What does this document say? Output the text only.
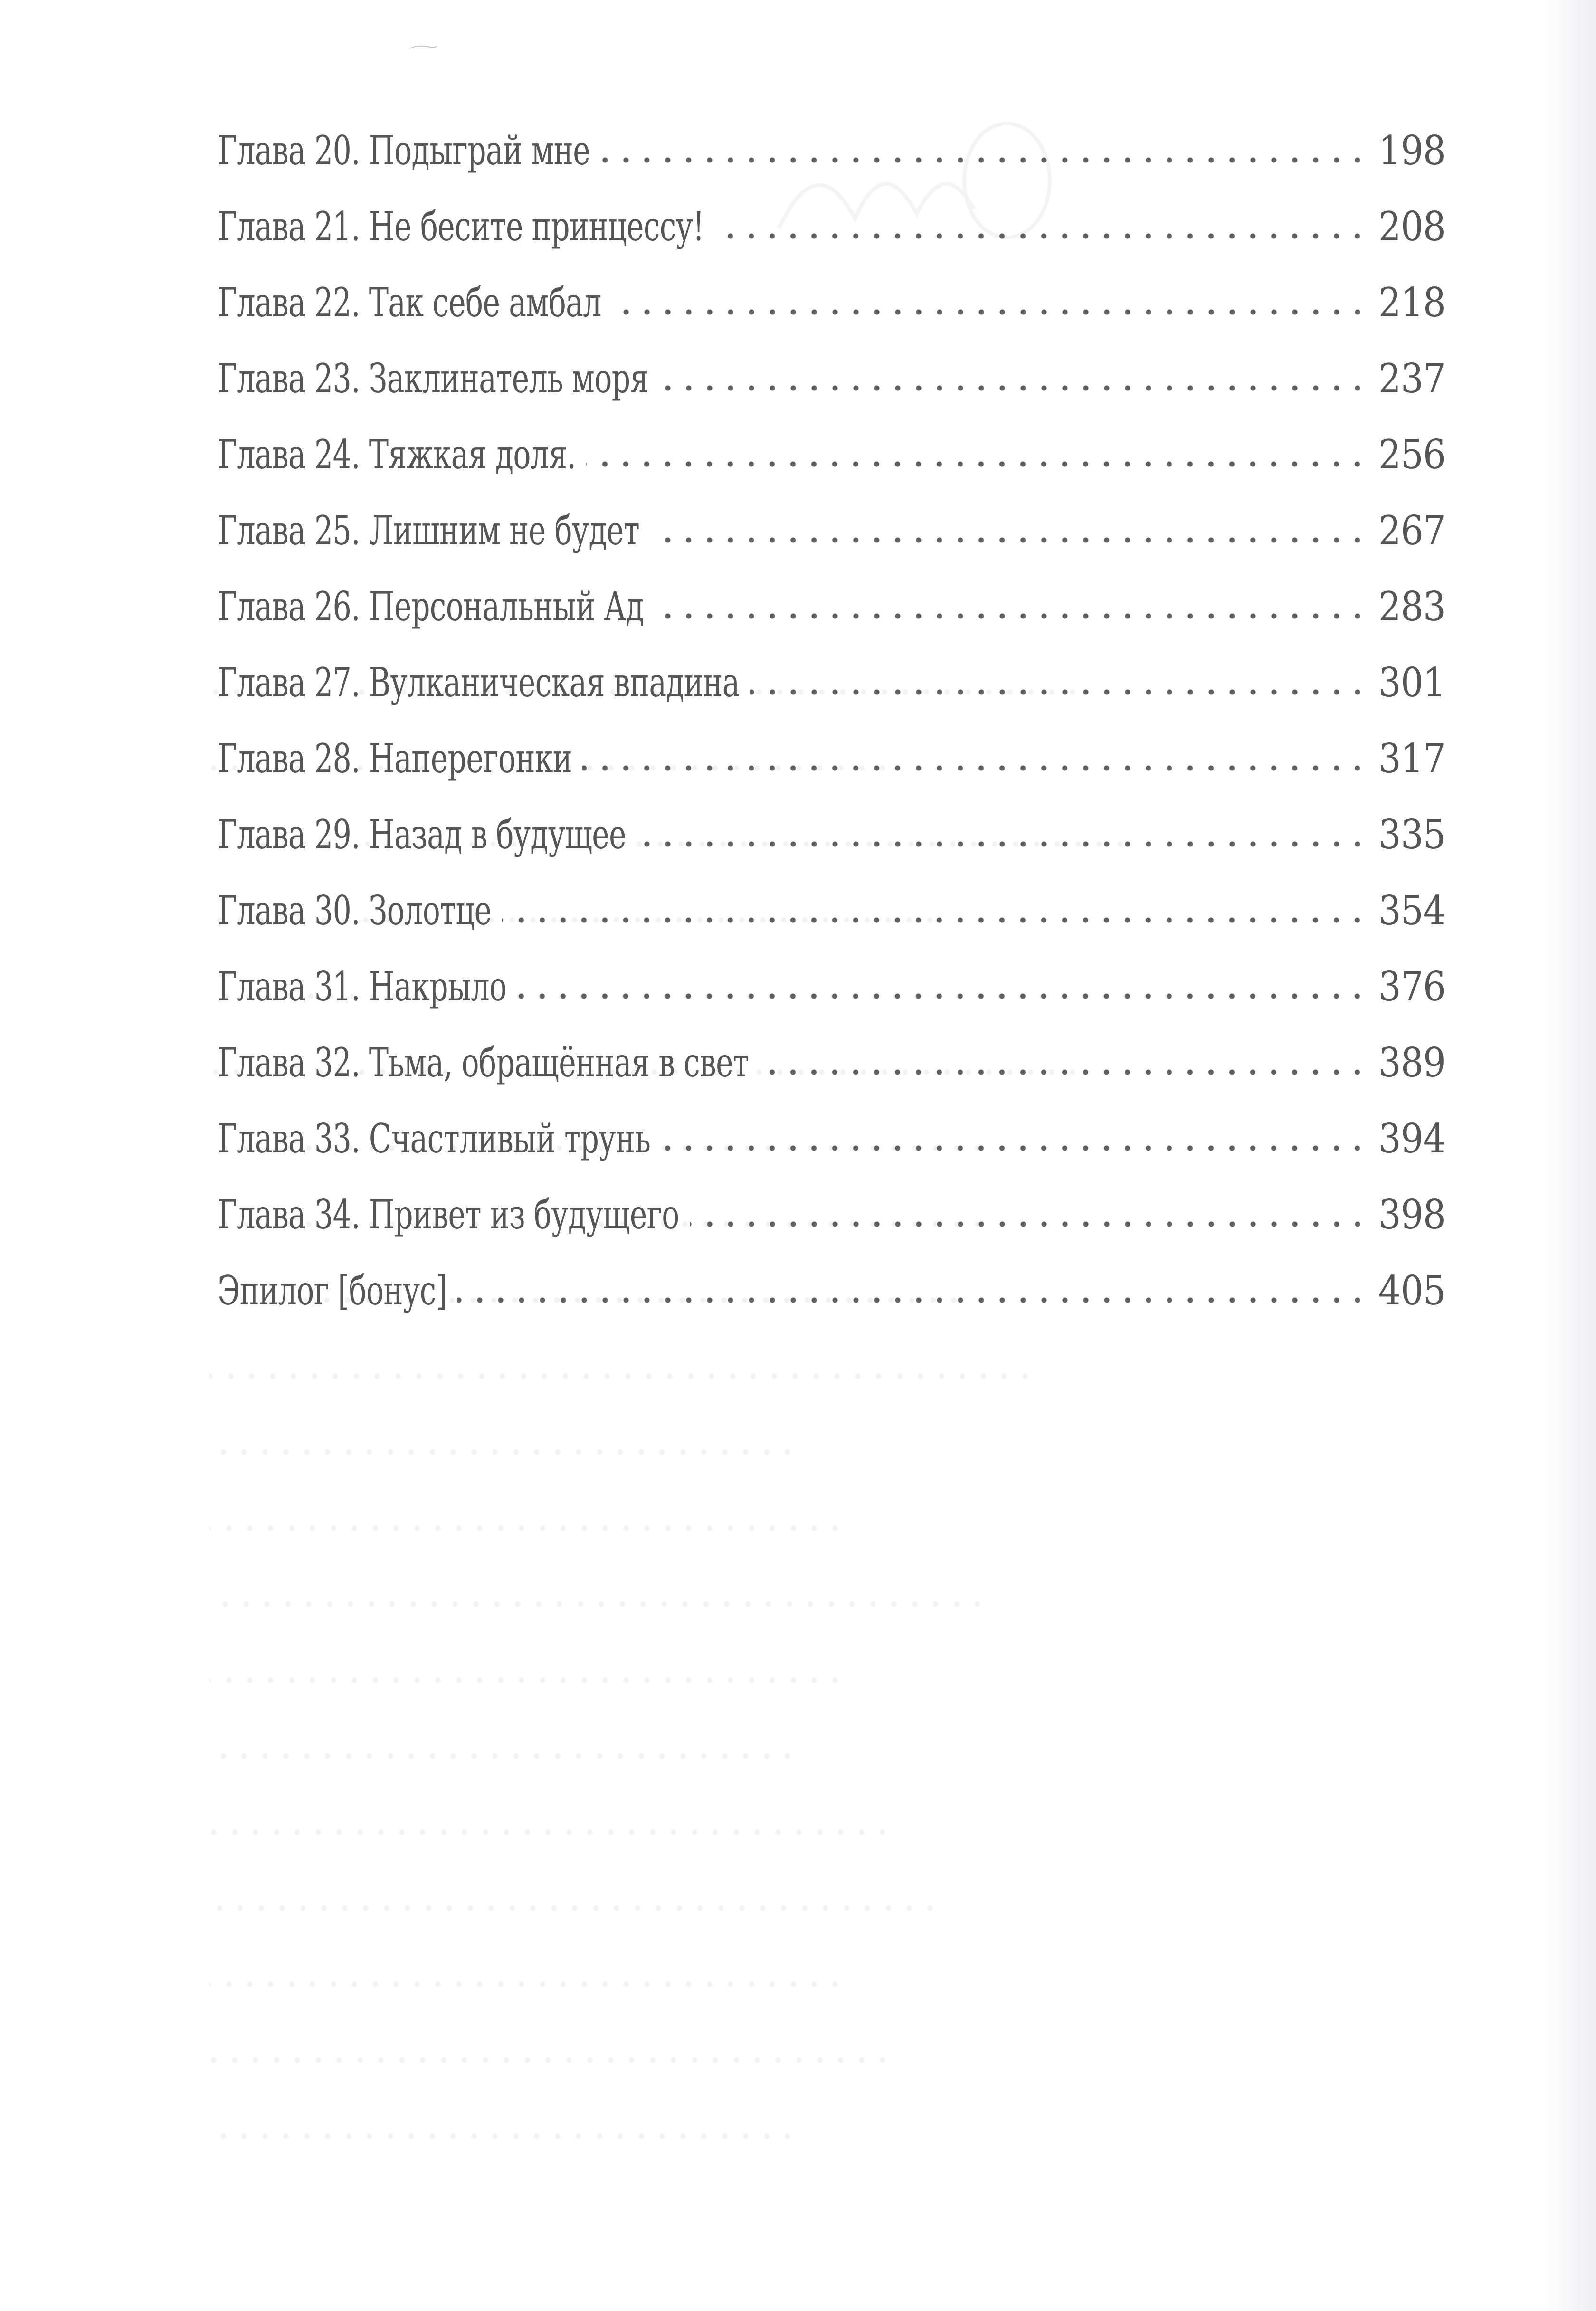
Глава 20. Подыграй мне	198
Глава 21. Не бесите принцессу!	208
Глава 22. Так себе амбал	218
Глава 23. Заклинатель моря	237
Глава 24. Тяжкая доля.	256
Глава 25. Лишним не будет	267
Глава 26. Персональный Ад	283
Глава 27. Вулканическая впадина	301
Глава 28. Наперегонки	317
Глава 29. Назад в будущее	335
Глава 30. Золотце	354
Глава 31. Накрыло	376
Глава 32. Тьма, обращённая в свет	389
Глава 33. Счастливый трунь	394
Глава 34. Привет из будущего	398
Эпилог [бонус]	405
